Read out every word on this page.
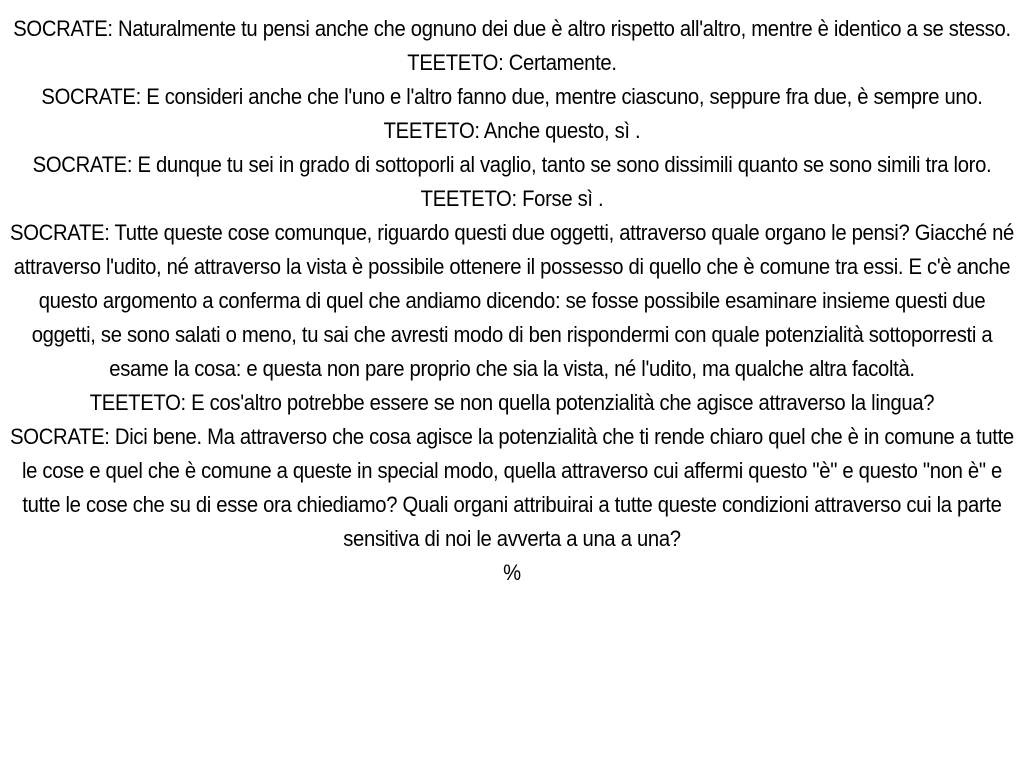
SOCRATE: Naturalmente tu pensi anche che ognuno dei due è altro rispetto all'altro, mentre è identico a se stesso.

TEETETO: Certamente.

SOCRATE: E consideri anche che l'uno e l'altro fanno due, mentre ciascuno, seppure fra due, è sempre uno.

TEETETO: Anche questo, sì .

SOCRATE: E dunque tu sei in grado di sottoporli al vaglio, tanto se sono dissimili quanto se sono simili tra loro.

TEETETO: Forse sì .

SOCRATE: Tutte queste cose comunque, riguardo questi due oggetti, attraverso quale organo le pensi? Giacché né attraverso l'udito, né attraverso la vista è possibile ottenere il possesso di quello che è comune tra essi. E c'è anche questo argomento a conferma di quel che andiamo dicendo: se fosse possibile esaminare insieme questi due oggetti, se sono salati o meno, tu sai che avresti modo di ben rispondermi con quale potenzialità sottoporresti a esame la cosa: e questa non pare proprio che sia la vista, né l'udito, ma qualche altra facoltà.

TEETETO: E cos'altro potrebbe essere se non quella potenzialità che agisce attraverso la lingua?

SOCRATE: Dici bene. Ma attraverso che cosa agisce la potenzialità che ti rende chiaro quel che è in comune a tutte le cose e quel che è comune a queste in special modo, quella attraverso cui affermi questo "è" e questo "non è" e tutte le cose che su di esse ora chiediamo? Quali organi attribuirai a tutte queste condizioni attraverso cui la parte sensitiva di noi le avverta a una a una?

%
